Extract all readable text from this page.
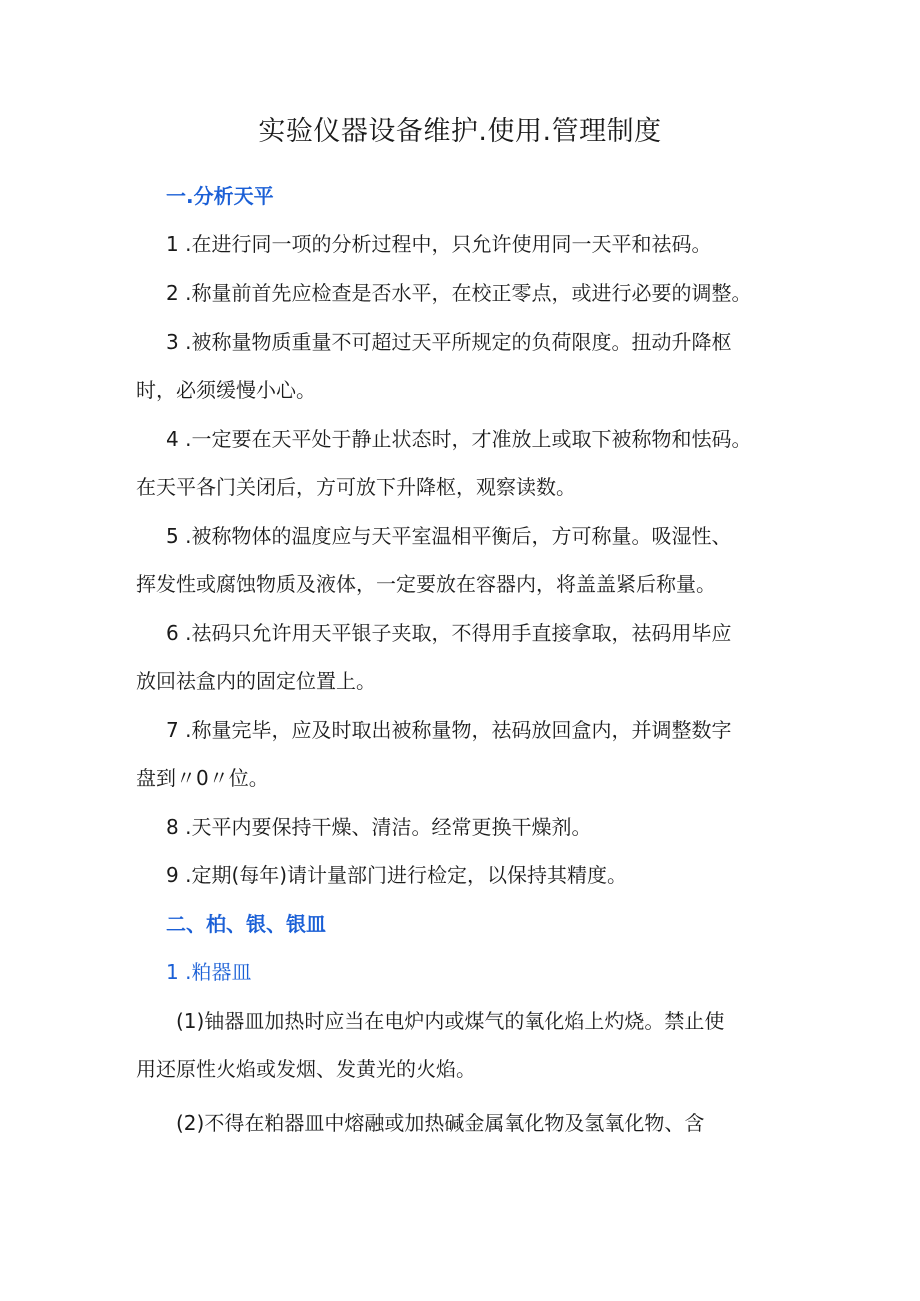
实验仪器设备维护.使用.管理制度
一.分析天平
1 .在进行同一项的分析过程中，只允许使用同一天平和祛码。
2 .称量前首先应检查是否水平，在校正零点，或进行必要的调整。
3 .被称量物质重量不可超过天平所规定的负荷限度。扭动升降枢
时，必须缓慢小心。
4 .一定要在天平处于静止状态时，才准放上或取下被称物和怯码。
在天平各门关闭后，方可放下升降枢，观察读数。
5 .被称物体的温度应与天平室温相平衡后，方可称量。吸湿性、
挥发性或腐蚀物质及液体，一定要放在容器内，将盖盖紧后称量。
6 .祛码只允许用天平银子夹取，不得用手直接拿取，祛码用毕应
放回祛盒内的固定位置上。
7 .称量完毕，应及时取出被称量物，祛码放回盒内，并调整数字
盘到〃0〃位。
8 .天平内要保持干燥、清洁。经常更换干燥剂。
9 .定期(每年)请计量部门进行检定，以保持其精度。
二、柏、银、银皿
1 .粕器皿
(1)铀器皿加热时应当在电炉内或煤气的氧化焰上灼烧。禁止使
用还原性火焰或发烟、发黄光的火焰。
(2)不得在粕器皿中熔融或加热碱金属氧化物及氢氧化物、含
